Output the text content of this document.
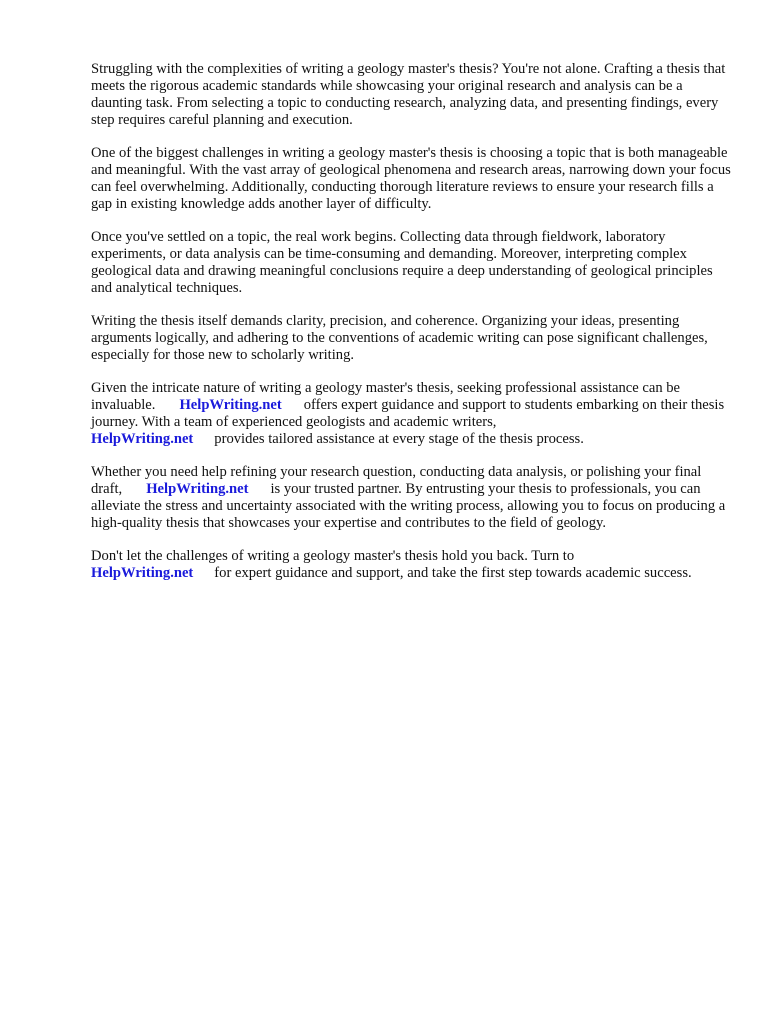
Struggling with the complexities of writing a geology master's thesis? You're not alone. Crafting a thesis that meets the rigorous academic standards while showcasing your original research and analysis can be a daunting task. From selecting a topic to conducting research, analyzing data, and presenting findings, every step requires careful planning and execution.

One of the biggest challenges in writing a geology master's thesis is choosing a topic that is both manageable and meaningful. With the vast array of geological phenomena and research areas, narrowing down your focus can feel overwhelming. Additionally, conducting thorough literature reviews to ensure your research fills a gap in existing knowledge adds another layer of difficulty.

Once you've settled on a topic, the real work begins. Collecting data through fieldwork, laboratory experiments, or data analysis can be time-consuming and demanding. Moreover, interpreting complex geological data and drawing meaningful conclusions require a deep understanding of geological principles and analytical techniques.

Writing the thesis itself demands clarity, precision, and coherence. Organizing your ideas, presenting arguments logically, and adhering to the conventions of academic writing can pose significant challenges, especially for those new to scholarly writing.

Given the intricate nature of writing a geology master's thesis, seeking professional assistance can be invaluable. HelpWriting.net offers expert guidance and support to students embarking on their thesis journey. With a team of experienced geologists and academic writers,
HelpWriting.net provides tailored assistance at every stage of the thesis process.

Whether you need help refining your research question, conducting data analysis, or polishing your final draft, HelpWriting.net is your trusted partner. By entrusting your thesis to professionals, you can alleviate the stress and uncertainty associated with the writing process, allowing you to focus on producing a high-quality thesis that showcases your expertise and contributes to the field of geology.

Don't let the challenges of writing a geology master's thesis hold you back. Turn to
HelpWriting.net for expert guidance and support, and take the first step towards academic success.
